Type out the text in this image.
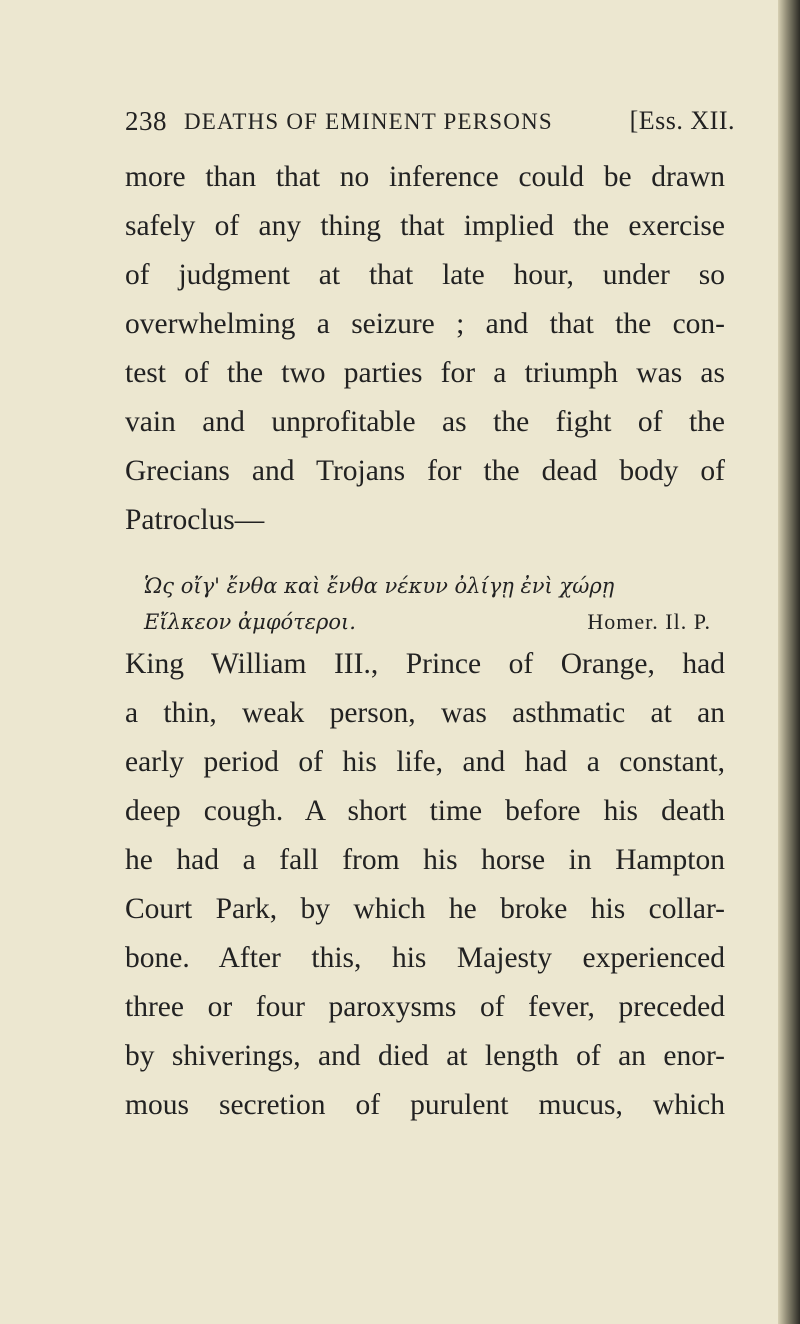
238 DEATHS OF EMINENT PERSONS	[Ess. XII.
more than that no inference could be drawn
safely of any thing that implied the exercise
of judgment at that late hour, under so
overwhelming a seizure ; and that the con-
test of the two parties for a triumph was as
vain and unprofitable as the fight of the
Grecians and Trojans for the dead body of
Patroclus—
Ὡς οἴγ' ἔνθα καὶ ἔνθα νέκυν ὀλίγῃ ἐνὶ χώρῃ
Εἴλκεον ἀμφότεροι.	Homer. Il. P.
King William III., Prince of Orange, had
a thin, weak person, was asthmatic at an
early period of his life, and had a constant,
deep cough. A short time before his death
he had a fall from his horse in Hampton
Court Park, by which he broke his collar-
bone. After this, his Majesty experienced
three or four paroxysms of fever, preceded
by shiverings, and died at length of an enor-
mous secretion of purulent mucus, which
